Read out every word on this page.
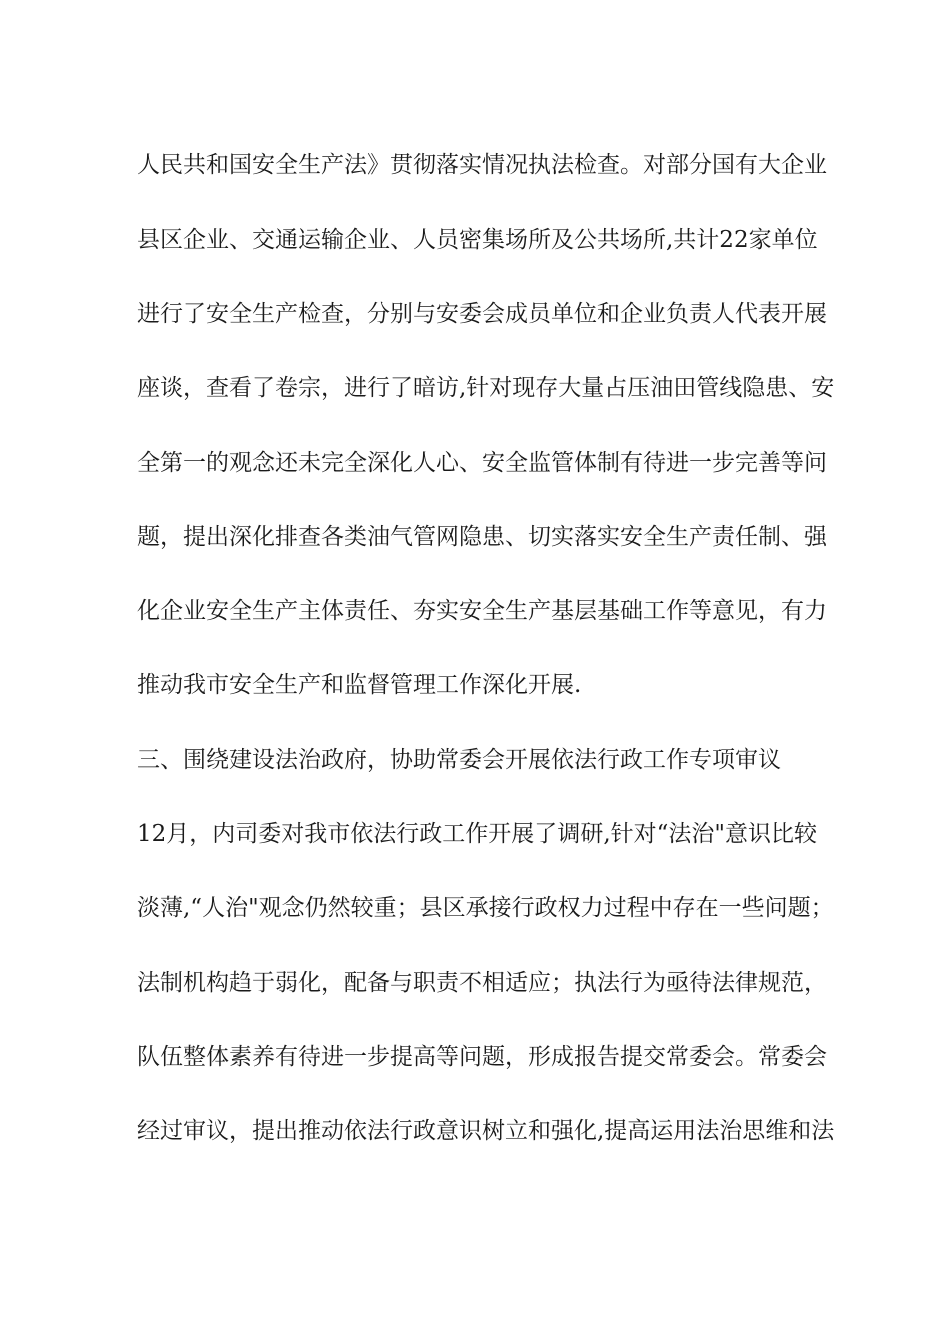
人民共和国安全生产法》贯彻落实情况执法检查。对部分国有大企业
县区企业、交通运输企业、人员密集场所及公共场所,共计22家单位
进行了安全生产检查，分别与安委会成员单位和企业负责人代表开展
座谈，查看了卷宗，进行了暗访,针对现存大量占压油田管线隐患、安
全第一的观念还未完全深化人心、安全监管体制有待进一步完善等问
题，提出深化排查各类油气管网隐患、切实落实安全生产责任制、强
化企业安全生产主体责任、夯实安全生产基层基础工作等意见，有力
推动我市安全生产和监督管理工作深化开展.
三、围绕建设法治政府，协助常委会开展依法行政工作专项审议
12月，内司委对我市依法行政工作开展了调研,针对“法治"意识比较
淡薄,“人治"观念仍然较重；县区承接行政权力过程中存在一些问题；
法制机构趋于弱化，配备与职责不相适应；执法行为亟待法律规范，
队伍整体素养有待进一步提高等问题，形成报告提交常委会。常委会
经过审议，提出推动依法行政意识树立和强化,提高运用法治思维和法
